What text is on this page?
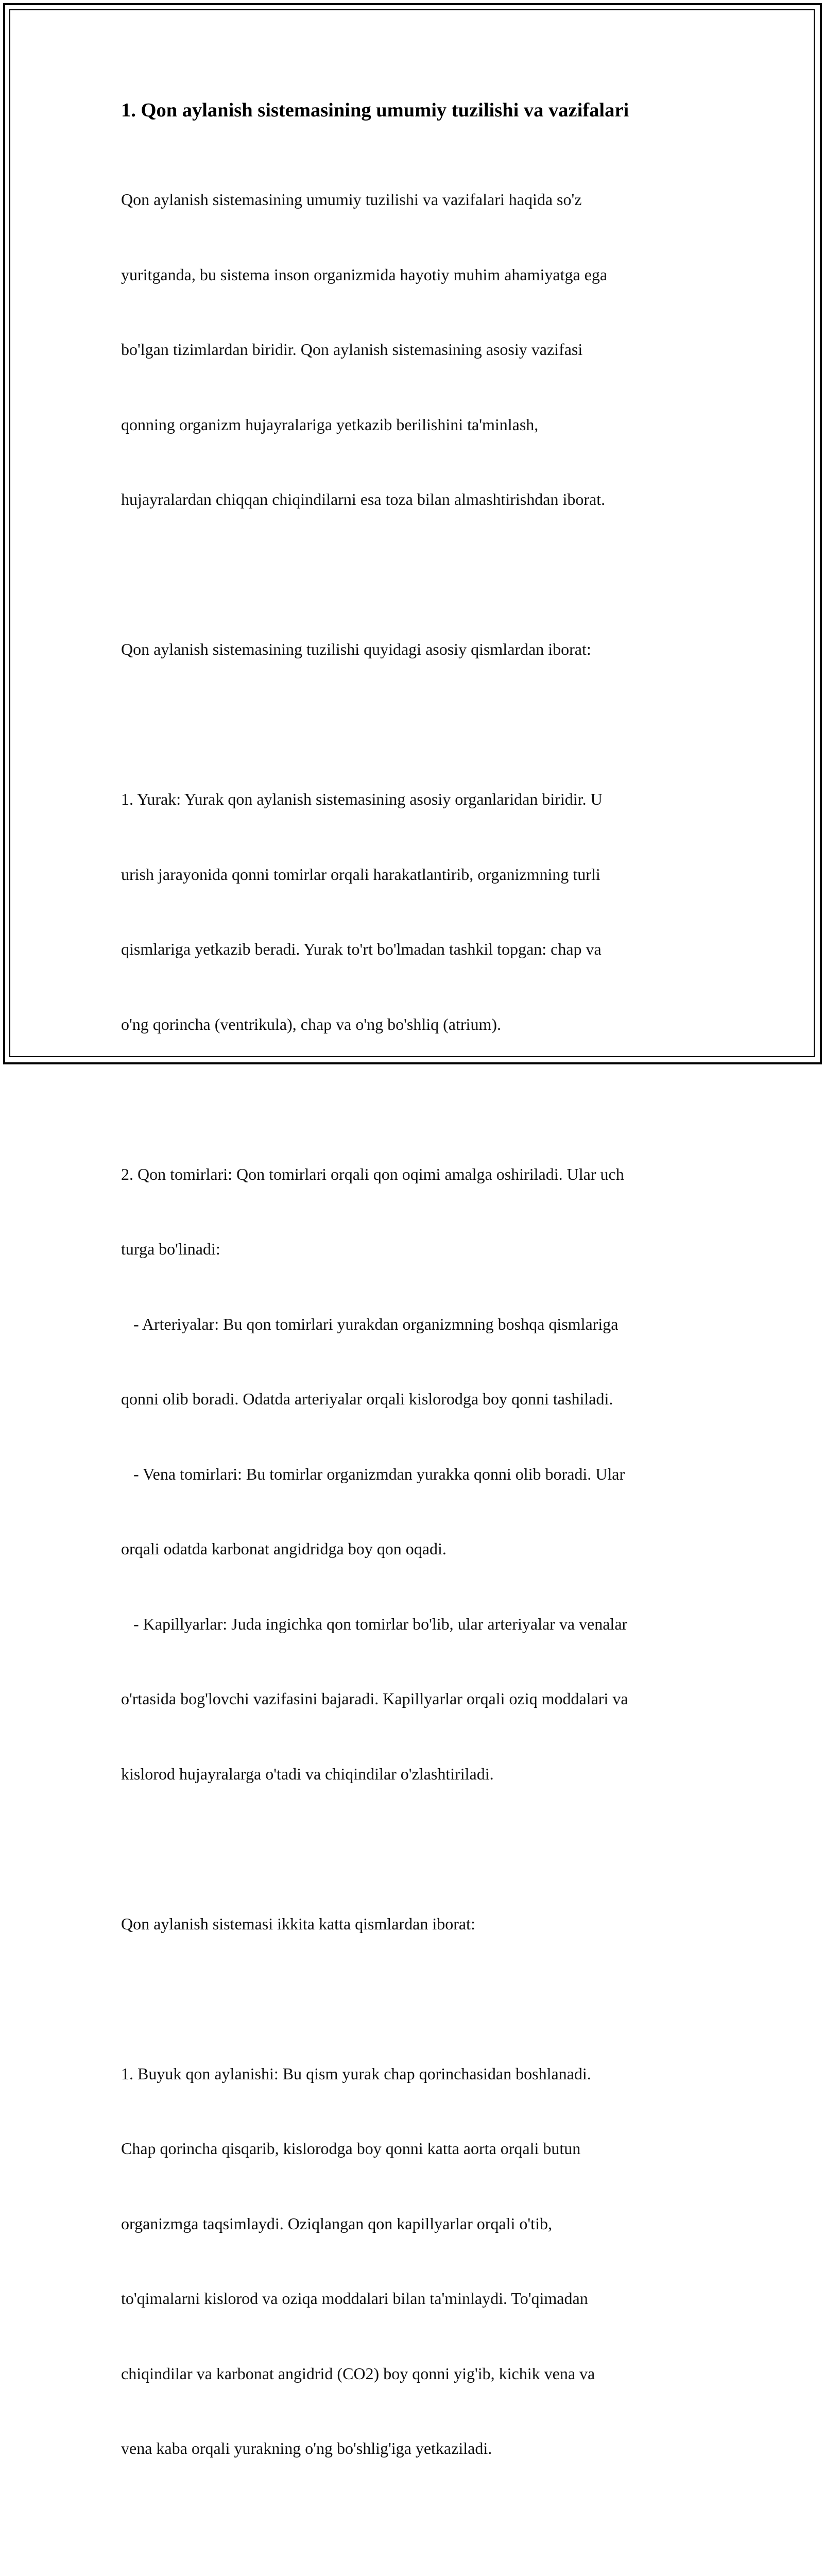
1. Qon aylanish sistemasining umumiy tuzilishi va vazifalari

Qon aylanish sistemasining umumiy tuzilishi va vazifalari haqida so'z

yuritganda, bu sistema inson organizmida hayotiy muhim ahamiyatga ega

bo'lgan tizimlardan biridir. Qon aylanish sistemasining asosiy vazifasi

qonning organizm hujayralariga yetkazib berilishini ta'minlash,

hujayralardan chiqqan chiqindilarni esa toza bilan almashtirishdan iborat.

Qon aylanish sistemasining tuzilishi quyidagi asosiy qismlardan iborat:

1. Yurak: Yurak qon aylanish sistemasining asosiy organlaridan biridir. U

urish jarayonida qonni tomirlar orqali harakatlantirib, organizmning turli

qismlariga yetkazib beradi. Yurak to'rt bo'lmadan tashkil topgan: chap va

o'ng qorincha (ventrikula), chap va o'ng bo'shliq (atrium).

2. Qon tomirlari: Qon tomirlari orqali qon oqimi amalga oshiriladi. Ular uch

turga bo'linadi:

- Arteriyalar: Bu qon tomirlari yurakdan organizmning boshqa qismlariga

qonni olib boradi. Odatda arteriyalar orqali kislorodga boy qonni tashiladi.

- Vena tomirlari: Bu tomirlar organizmdan yurakka qonni olib boradi. Ular

orqali odatda karbonat angidridga boy qon oqadi.

- Kapillyarlar: Juda ingichka qon tomirlar bo'lib, ular arteriyalar va venalar

o'rtasida bog'lovchi vazifasini bajaradi. Kapillyarlar orqali oziq moddalari va

kislorod hujayralarga o'tadi va chiqindilar o'zlashtiriladi.

Qon aylanish sistemasi ikkita katta qismlardan iborat:

1. Buyuk qon aylanishi: Bu qism yurak chap qorinchasidan boshlanadi.

Chap qorincha qisqarib, kislorodga boy qonni katta aorta orqali butun

organizmga taqsimlaydi. Oziqlangan qon kapillyarlar orqali o'tib,

to'qimalarni kislorod va oziqa moddalari bilan ta'minlaydi. To'qimadan

chiqindilar va karbonat angidrid (CO2) boy qonni yig'ib, kichik vena va

vena kaba orqali yurakning o'ng bo'shlig'iga yetkaziladi.
